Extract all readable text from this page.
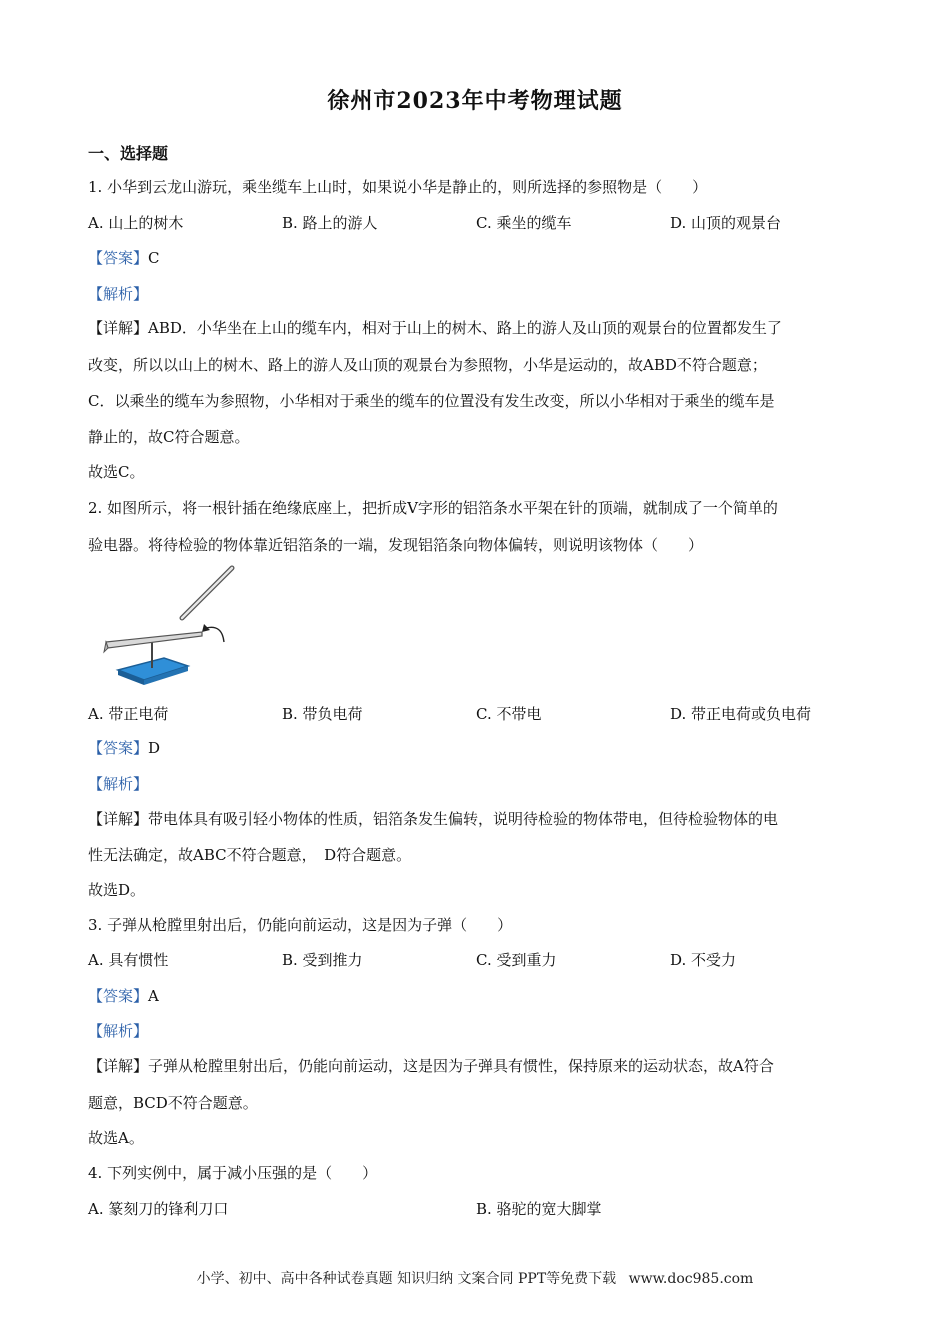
徐州市2023年中考物理试题
一、选择题
1. 小华到云龙山游玩，乘坐缆车上山时，如果说小华是静止的，则所选择的参照物是（　　）
A. 山上的树木	B. 路上的游人	C. 乘坐的缆车	D. 山顶的观景台
【答案】C
【解析】
【详解】ABD．小华坐在上山的缆车内，相对于山上的树木、路上的游人及山顶的观景台的位置都发生了
改变，所以以山上的树木、路上的游人及山顶的观景台为参照物，小华是运动的，故ABD不符合题意；
C．以乘坐的缆车为参照物，小华相对于乘坐的缆车的位置没有发生改变，所以小华相对于乘坐的缆车是
静止的，故C符合题意。
故选C。
2. 如图所示，将一根针插在绝缘底座上，把折成V字形的铝箔条水平架在针的顶端，就制成了一个简单的
验电器。将待检验的物体靠近铝箔条的一端，发现铝箔条向物体偏转，则说明该物体（　　）
A. 带正电荷	B. 带负电荷	C. 不带电	D. 带正电荷或负电荷
【答案】D
【解析】
【详解】带电体具有吸引轻小物体的性质，铝箔条发生偏转，说明待检验的物体带电，但待检验物体的电
性无法确定，故ABC不符合题意，　D符合题意。
故选D。
3. 子弹从枪膛里射出后，仍能向前运动，这是因为子弹（　　）
A. 具有惯性	B. 受到推力	C. 受到重力	D. 不受力
【答案】A
【解析】
【详解】子弹从枪膛里射出后，仍能向前运动，这是因为子弹具有惯性，保持原来的运动状态，故A符合
题意，BCD不符合题意。
故选A。
4. 下列实例中，属于减小压强的是（　　）
A. 篆刻刀的锋利刀口	B. 骆驼的宽大脚掌
小学、初中、高中各种试卷真题 知识归纳 文案合同 PPT等免费下载 www.doc985.com
